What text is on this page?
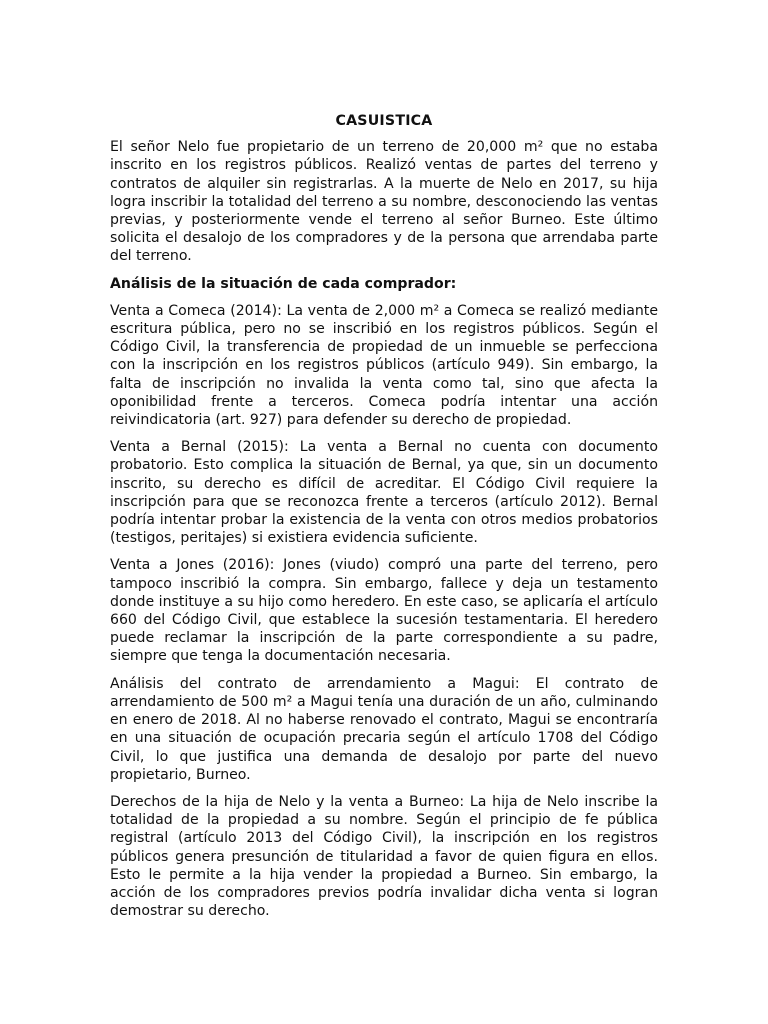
CASUISTICA

El señor Nelo fue propietario de un terreno de 20,000 m² que no estaba inscrito en los registros públicos. Realizó ventas de partes del terreno y contratos de alquiler sin registrarlas. A la muerte de Nelo en 2017, su hija logra inscribir la totalidad del terreno a su nombre, desconociendo las ventas previas, y posteriormente vende el terreno al señor Burneo. Este último solicita el desalojo de los compradores y de la persona que arrendaba parte del terreno.

Análisis de la situación de cada comprador:

Venta a Comeca (2014): La venta de 2,000 m² a Comeca se realizó mediante escritura pública, pero no se inscribió en los registros públicos. Según el Código Civil, la transferencia de propiedad de un inmueble se perfecciona con la inscripción en los registros públicos (artículo 949). Sin embargo, la falta de inscripción no invalida la venta como tal, sino que afecta la oponibilidad frente a terceros. Comeca podría intentar una acción reivindicatoria (art. 927) para defender su derecho de propiedad.

Venta a Bernal (2015): La venta a Bernal no cuenta con documento probatorio. Esto complica la situación de Bernal, ya que, sin un documento inscrito, su derecho es difícil de acreditar. El Código Civil requiere la inscripción para que se reconozca frente a terceros (artículo 2012). Bernal podría intentar probar la existencia de la venta con otros medios probatorios (testigos, peritajes) si existiera evidencia suficiente.

Venta a Jones (2016): Jones (viudo) compró una parte del terreno, pero tampoco inscribió la compra. Sin embargo, fallece y deja un testamento donde instituye a su hijo como heredero. En este caso, se aplicaría el artículo 660 del Código Civil, que establece la sucesión testamentaria. El heredero puede reclamar la inscripción de la parte correspondiente a su padre, siempre que tenga la documentación necesaria.

Análisis del contrato de arrendamiento a Magui: El contrato de arrendamiento de 500 m² a Magui tenía una duración de un año, culminando en enero de 2018. Al no haberse renovado el contrato, Magui se encontraría en una situación de ocupación precaria según el artículo 1708 del Código Civil, lo que justifica una demanda de desalojo por parte del nuevo propietario, Burneo.

Derechos de la hija de Nelo y la venta a Burneo: La hija de Nelo inscribe la totalidad de la propiedad a su nombre. Según el principio de fe pública registral (artículo 2013 del Código Civil), la inscripción en los registros públicos genera presunción de titularidad a favor de quien figura en ellos. Esto le permite a la hija vender la propiedad a Burneo. Sin embargo, la acción de los compradores previos podría invalidar dicha venta si logran demostrar su derecho.
